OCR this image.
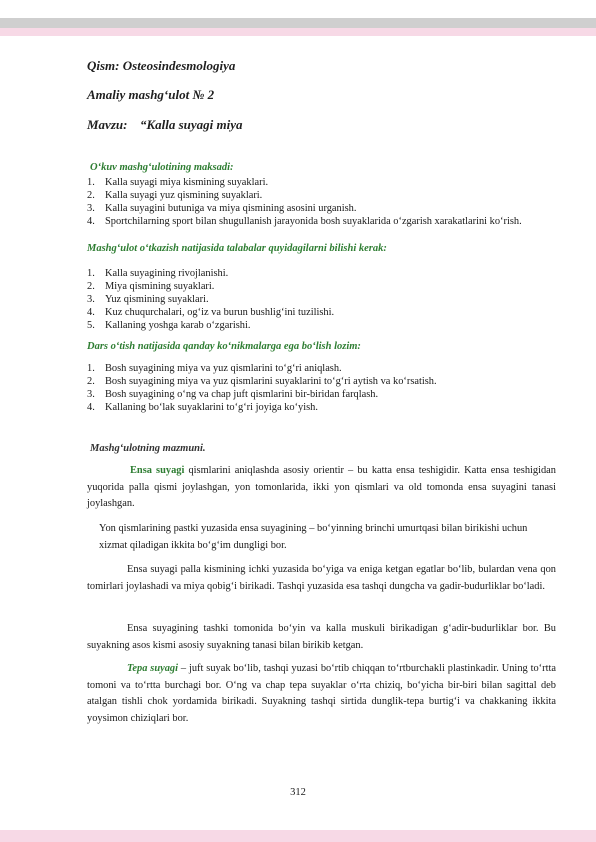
Qism: Osteosindesmologiya
Amaliy mashg‘ulot № 2
Mavzu: “Kalla suyagi miya
O‘kuv mashg‘ulotining maksadi:
1. Kalla suyagi miya kismining suyaklari.
2. Kalla suyagi yuz qismining suyaklari.
3. Kalla suyagini butuniga va miya qismining asosini urganish.
4. Sportchilarning sport bilan shugullanish jarayonida bosh suyaklarida o‘zgarish xarakatlarini ko‘rish.
Mashg‘ulot o‘tkazish natijasida talabalar quyidagilarni bilishi kerak:
1. Kalla suyagining rivojlanishi.
2. Miya qismining suyaklari.
3. Yuz qismining suyaklari.
4. Kuz chuqurchalari, og‘iz va burun bushlig‘ini tuzilishi.
5. Kallaning yoshga karab o‘zgarishi.
Dars o‘tish natijasida qanday ko‘nikmalarga ega bo‘lish lozim:
1. Bosh suyagining miya va yuz qismlarini to‘g‘ri aniqlash.
2. Bosh suyagining miya va yuz qismlarini suyaklarini to‘g‘ri aytish va ko‘rsatish.
3. Bosh suyagining o‘ng va chap juft qismlarini bir-biridan farqlash.
4. Kallaning bo‘lak suyaklarini to‘g‘ri joyiga ko‘yish.
Mashg‘ulotning mazmuni.
Ensa suyagi qismlarini aniqlashda asosiy orientir – bu katta ensa teshigidir. Katta ensa teshigidan yuqorida palla qismi joylashgan, yon tomonlarida, ikki yon qismlari va old tomonda ensa suyagini tanasi joylashgan.
Yon qismlarining pastki yuzasida ensa suyagining – bo‘yinning brinchi umurtqasi bilan birikishi uchun xizmat qiladigan ikkita bo‘g‘im dungligi bor.
Ensa suyagi palla kismining ichki yuzasida bo‘yiga va eniga ketgan egatlar bo‘lib, bulardan vena qon tomirlari joylashadi va miya qobig‘i birikadi. Tashqi yuzasida esa tashqi dungcha va gadir-budurliklar bo‘ladi.
Ensa suyagining tashki tomonida bo‘yin va kalla muskuli birikadigan g‘adir-budurliklar bor. Bu suyakning asos kismi asosiy suyakning tanasi bilan birikib ketgan.
Tepa suyagi – juft suyak bo‘lib, tashqi yuzasi bo‘rtib chiqqan to‘rtburchakli plastinkadir. Uning to‘rtta tomoni va to‘rtta burchagi bor. O‘ng va chap tepa suyaklar o‘rta chiziq, bo‘yicha bir-biri bilan sagittal deb atalgan tishli chok yordamida birikadi. Suyakning tashqi sirtida dunglik-tepa burtig‘i va chakkaning ikkita yoysimon chiziqlari bor.
312
